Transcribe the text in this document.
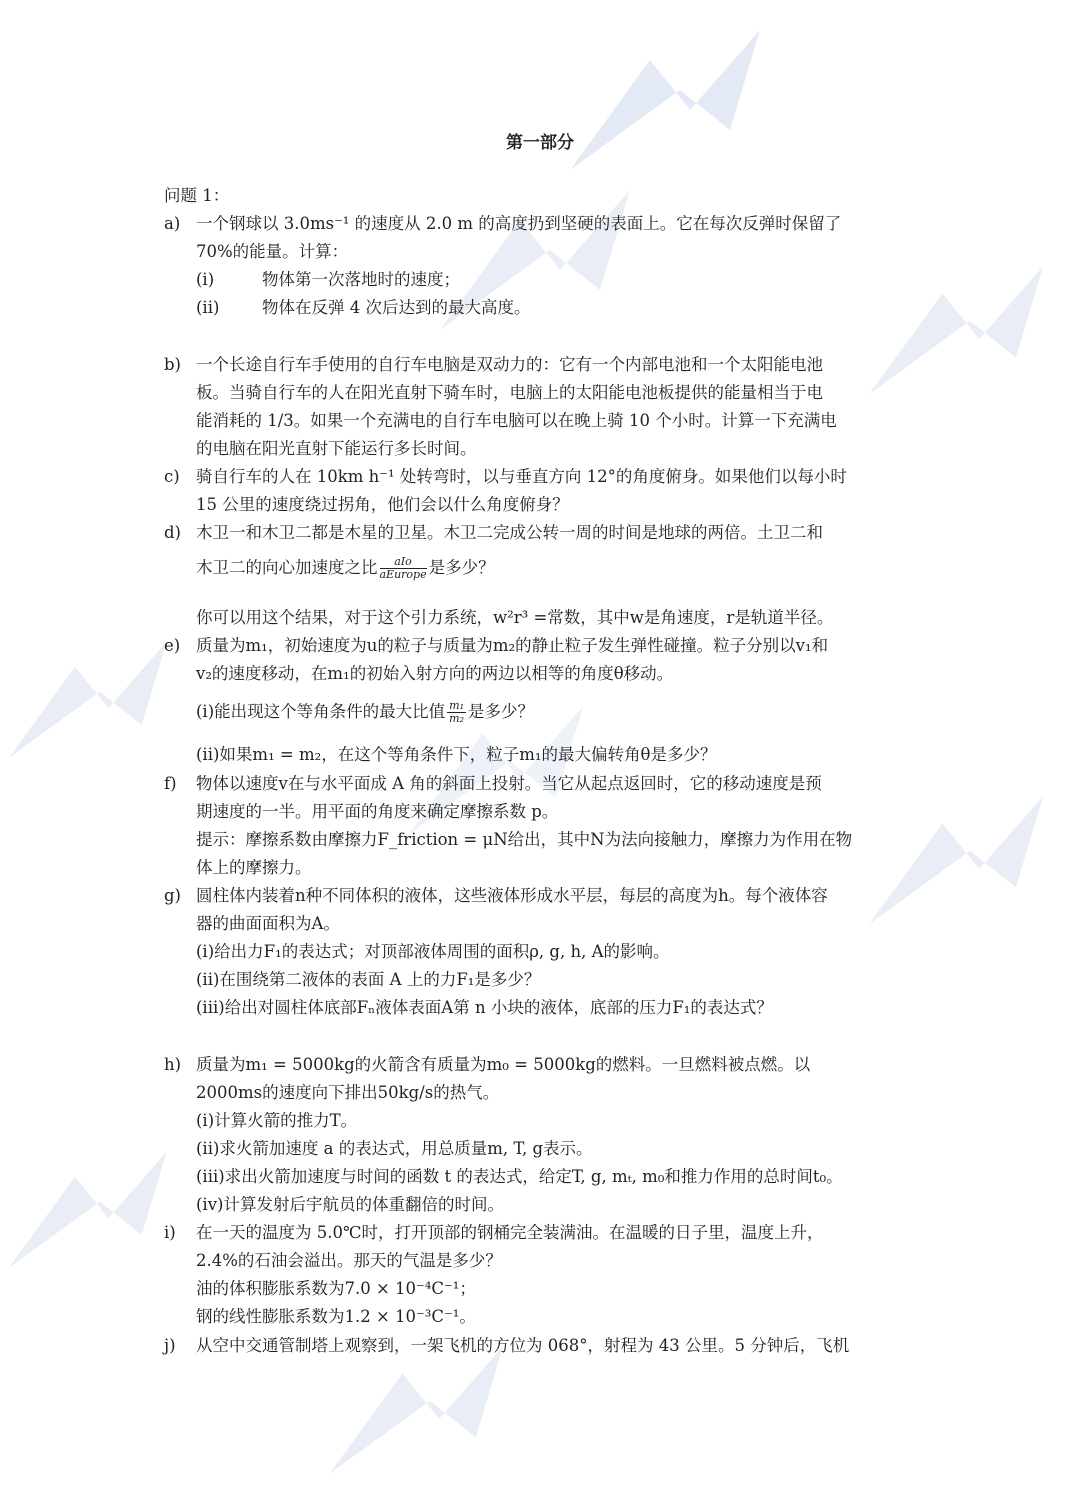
第一部分
问题 1：
a) 一个钢球以 3.0ms⁻¹ 的速度从 2.0 m 的高度扔到坚硬的表面上。它在每次反弹时保留了
70%的能量。计算：
(i)	物体第一次落地时的速度；
(ii)	物体在反弹 4 次后达到的最大高度。
b) 一个长途自行车手使用的自行车电脑是双动力的：它有一个内部电池和一个太阳能电池
板。当骑自行车的人在阳光直射下骑车时，电脑上的太阳能电池板提供的能量相当于电
能消耗的 1/3。如果一个充满电的自行车电脑可以在晚上骑 10 个小时。计算一下充满电
的电脑在阳光直射下能运行多长时间。
c) 骑自行车的人在 10km h⁻¹ 处转弯时，以与垂直方向 12°的角度俯身。如果他们以每小时
15 公里的速度绕过拐角，他们会以什么角度俯身？
d) 木卫一和木卫二都是木星的卫星。木卫二完成公转一周的时间是地球的两倍。土卫二和
木卫二的向心加速度之比 $\frac{\text{aIo}}{\text{aEurope}}$ 是多少？
你可以用这个结果，对于这个引力系统，w²r³ =常数，其中w是角速度，r是轨道半径。
e) 质量为m₁，初始速度为u的粒子与质量为m₂的静止粒子发生弹性碰撞。粒子分别以v₁和
v₂的速度移动，在m₁的初始入射方向的两边以相等的角度θ移动。
(i)能出现这个等角条件的最大比值 $\frac{\text{m₁}}{\text{m₂}}$ 是多少？
(ii)如果m₁ = m₂，在这个等角条件下，粒子m₁的最大偏转角θ是多少？
f) 物体以速度v在与水平面成 A 角的斜面上投射。当它从起点返回时，它的移动速度是预
期速度的一半。用平面的角度来确定摩擦系数 p。
提示：摩擦系数由摩擦力F_friction = μN给出，其中N为法向接触力，摩擦力为作用在物
体上的摩擦力。
g) 圆柱体内装着n种不同体积的液体，这些液体形成水平层，每层的高度为h。每个液体容
器的曲面面积为A。
(i)给出力F₁的表达式；对顶部液体周围的面积ρ, g, h, A的影响。
(ii)在围绕第二液体的表面 A 上的力F₁是多少？
(iii)给出对圆柱体底部Fₙ液体表面A第 n 小块的液体，底部的压力F₁的表达式？
h) 质量为m₁ = 5000kg的火箭含有质量为m₀ = 5000kg的燃料。一旦燃料被点燃。以
2000ms的速度向下排出50kg/s的热气。
(i)计算火箭的推力T。
(ii)求火箭加速度 a 的表达式，用总质量m, T, g表示。
(iii)求出火箭加速度与时间的函数 t 的表达式，给定T, g, mₜ, m₀和推力作用的总时间t₀。
(iv)计算发射后宇航员的体重翻倍的时间。
i) 在一天的温度为 5.0℃时，打开顶部的钢桶完全装满油。在温暖的日子里，温度上升，
2.4%的石油会溢出。那天的气温是多少？
油的体积膨胀系数为7.0 × 10⁻⁴C⁻¹；
钢的线性膨胀系数为1.2 × 10⁻³C⁻¹。
j) 从空中交通管制塔上观察到，一架飞机的方位为 068°，射程为 43 公里。5 分钟后，飞机
